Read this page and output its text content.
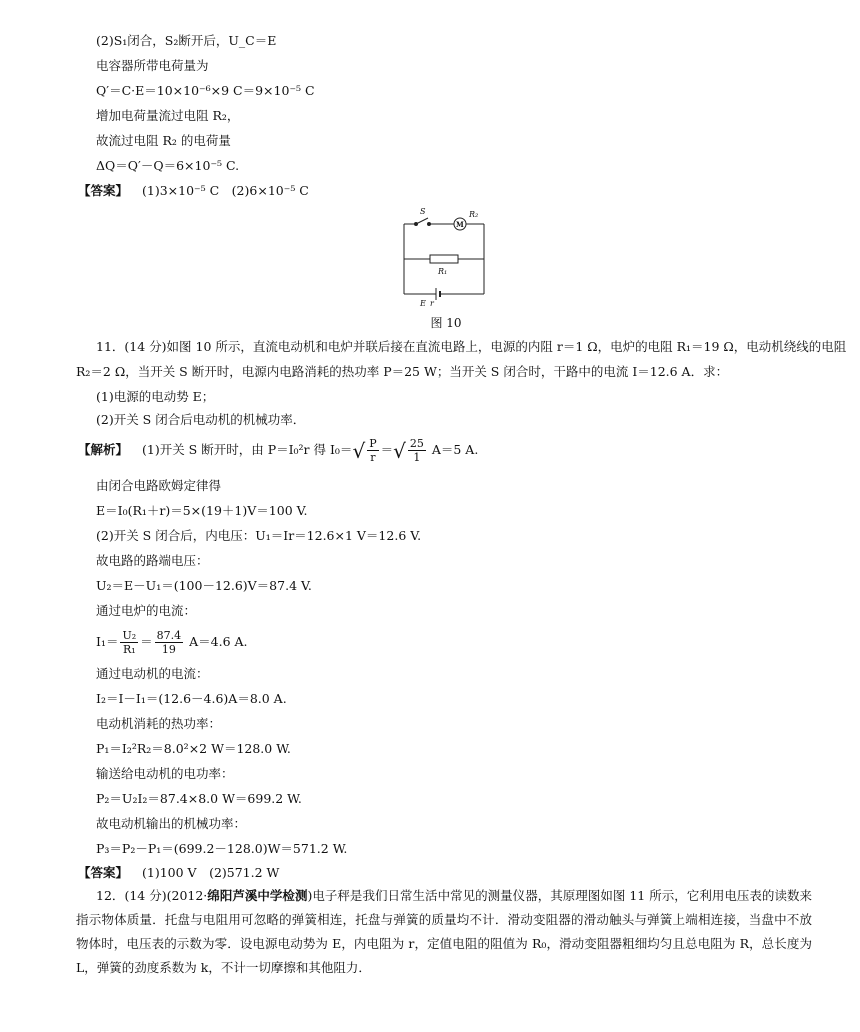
(2)S₁闭合，S₂断开后，U_C＝E
电容器所带电荷量为
Q′＝C·E＝10×10⁻⁶×9 C＝9×10⁻⁵ C
增加电荷量流过电阻 R₂，
故流过电阻 R₂ 的电荷量
ΔQ＝Q′－Q＝6×10⁻⁵ C.
【答案】 (1)3×10⁻⁵ C　(2)6×10⁻⁵ C
S
M
R₂
R₁
E r
图 10
11．(14 分)如图 10 所示，直流电动机和电炉并联后接在直流电路上，电源的内阻 r＝1 Ω，电炉的电阻 R₁＝19 Ω，电动机绕线的电阻
R₂＝2 Ω，当开关 S 断开时，电源内电路消耗的热功率 P＝25 W；当开关 S 闭合时，干路中的电流 I＝12.6 A．求：
(1)电源的电动势 E；
(2)开关 S 闭合后电动机的机械功率．
【解析】 (1)开关 S 断开时，由 P＝I₀²r 得 $I_0=√ \frac{P}{r}$ ＝√ $\frac{25}{1} A=5$ A.
由闭合电路欧姆定律得
E＝I₀(R₁＋r)＝5×(19＋1)V＝100 V.
(2)开关 S 闭合后，内电压：U₁＝Ir＝12.6×1 V＝12.6 V.
故电路的路端电压：
U₂＝E－U₁＝(100－12.6)V＝87.4 V.
通过电炉的电流：
$I_1= \frac{\text{U₂}}{\text{R₁}} = \frac{87.4}{19} A=4.6$ A.
通过电动机的电流：
I₂＝I－I₁＝(12.6－4.6)A＝8.0 A.
电动机消耗的热功率：
P₁＝I₂²R₂＝8.0²×2 W＝128.0 W.
输送给电动机的电功率：
P₂＝U₂I₂＝87.4×8.0 W＝699.2 W.
故电动机输出的机械功率：
P₃＝P₂－P₁＝(699.2－128.0)W＝571.2 W.
【答案】 (1)100 V　(2)571.2 W
12．(14 分)(2012·绵阳芦溪中学检测)电子秤是我们日常生活中常见的测量仪器，其原理图如图 11 所示，它利用电压表的读数来指示物体质量．托盘与电阻用可忽略的弹簧相连，托盘与弹簧的质量均不计．滑动变阻器的滑动触头与弹簧上端相连接，当盘中不放物体时，电压表的示数为零．设电源电动势为 E，内电阻为 r，定值电阻的阻值为 R₀，滑动变阻器粗细均匀且总电阻为 R，总长度为 L，弹簧的劲度系数为 k，不计一切摩擦和其他阻力．
